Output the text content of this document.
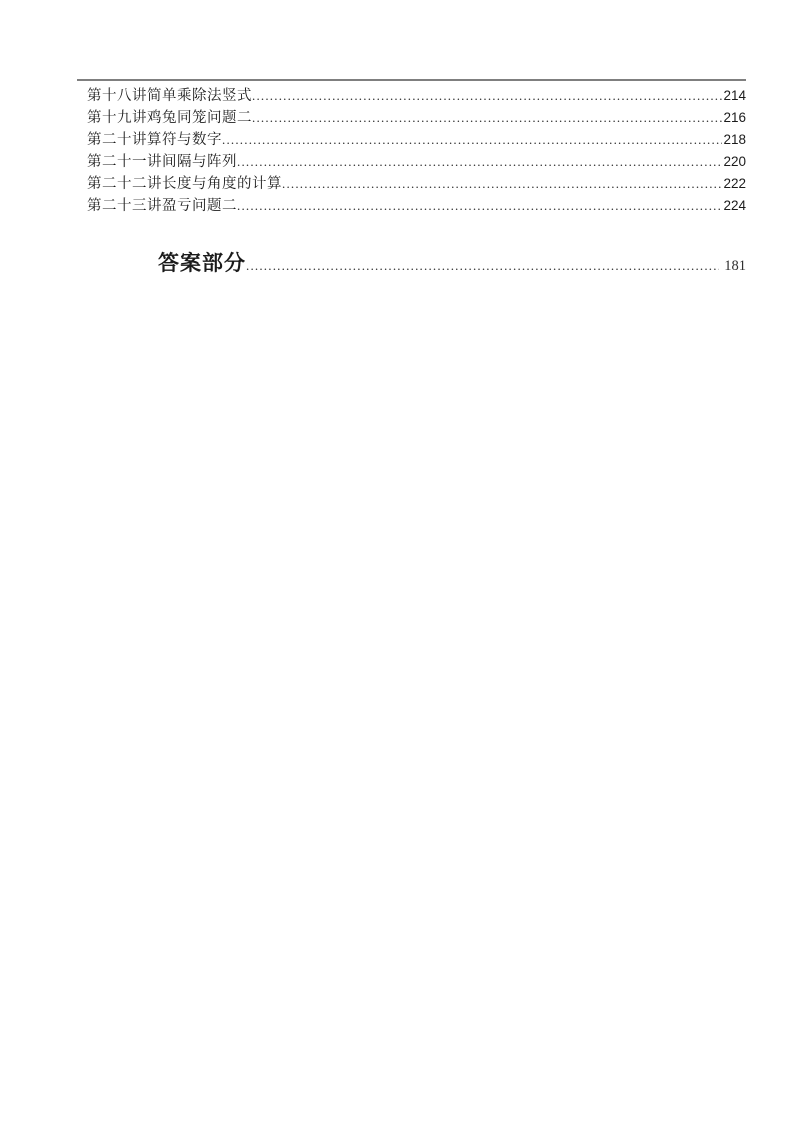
第十八讲简单乘除法竖式 .....	214
第十九讲鸡兔同笼问题二 .....	216
第二十讲算符与数字 .....	218
第二十一讲间隔与阵列 .....	220
第二十二讲长度与角度的计算 .....	222
第二十三讲盈亏问题二 .....	224
答案部分 .....	181
